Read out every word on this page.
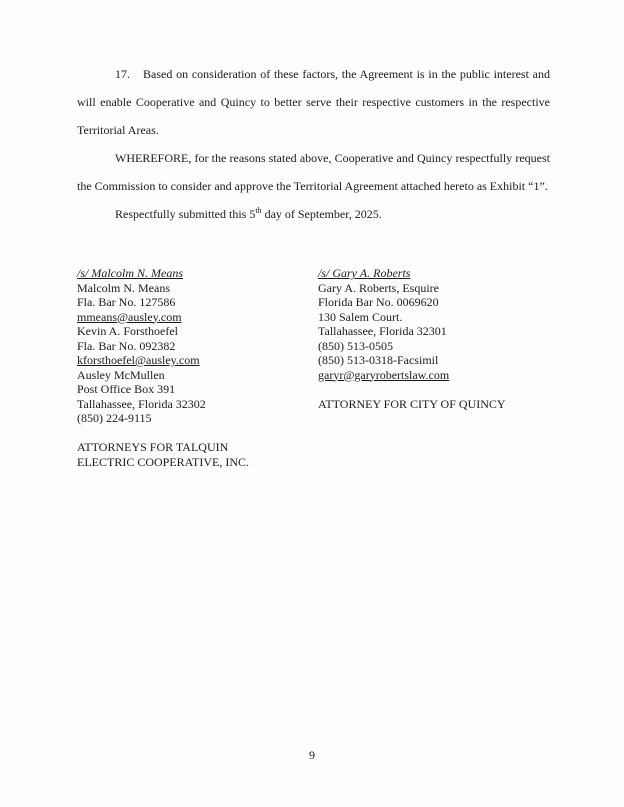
17. Based on consideration of these factors, the Agreement is in the public interest and will enable Cooperative and Quincy to better serve their respective customers in the respective Territorial Areas.

WHEREFORE, for the reasons stated above, Cooperative and Quincy respectfully request the Commission to consider and approve the Territorial Agreement attached hereto as Exhibit “1”.

Respectfully submitted this 5th day of September, 2025.

/s/ Malcolm N. Means
Malcolm N. Means
Fla. Bar No. 127586
mmeans@ausley.com
Kevin A. Forsthoefel
Fla. Bar No. 092382
kforsthoefel@ausley.com
Ausley McMullen
Post Office Box 391
Tallahassee, Florida 32302
(850) 224-9115
ATTORNEYS FOR TALQUIN
ELECTRIC COOPERATIVE, INC.
/s/ Gary A. Roberts
Gary A. Roberts, Esquire
Florida Bar No. 0069620
130 Salem Court.
Tallahassee, Florida 32301
(850) 513-0505
(850) 513-0318-Facsimil
garyr@garyrobertslaw.com
ATTORNEY FOR CITY OF QUINCY
9
